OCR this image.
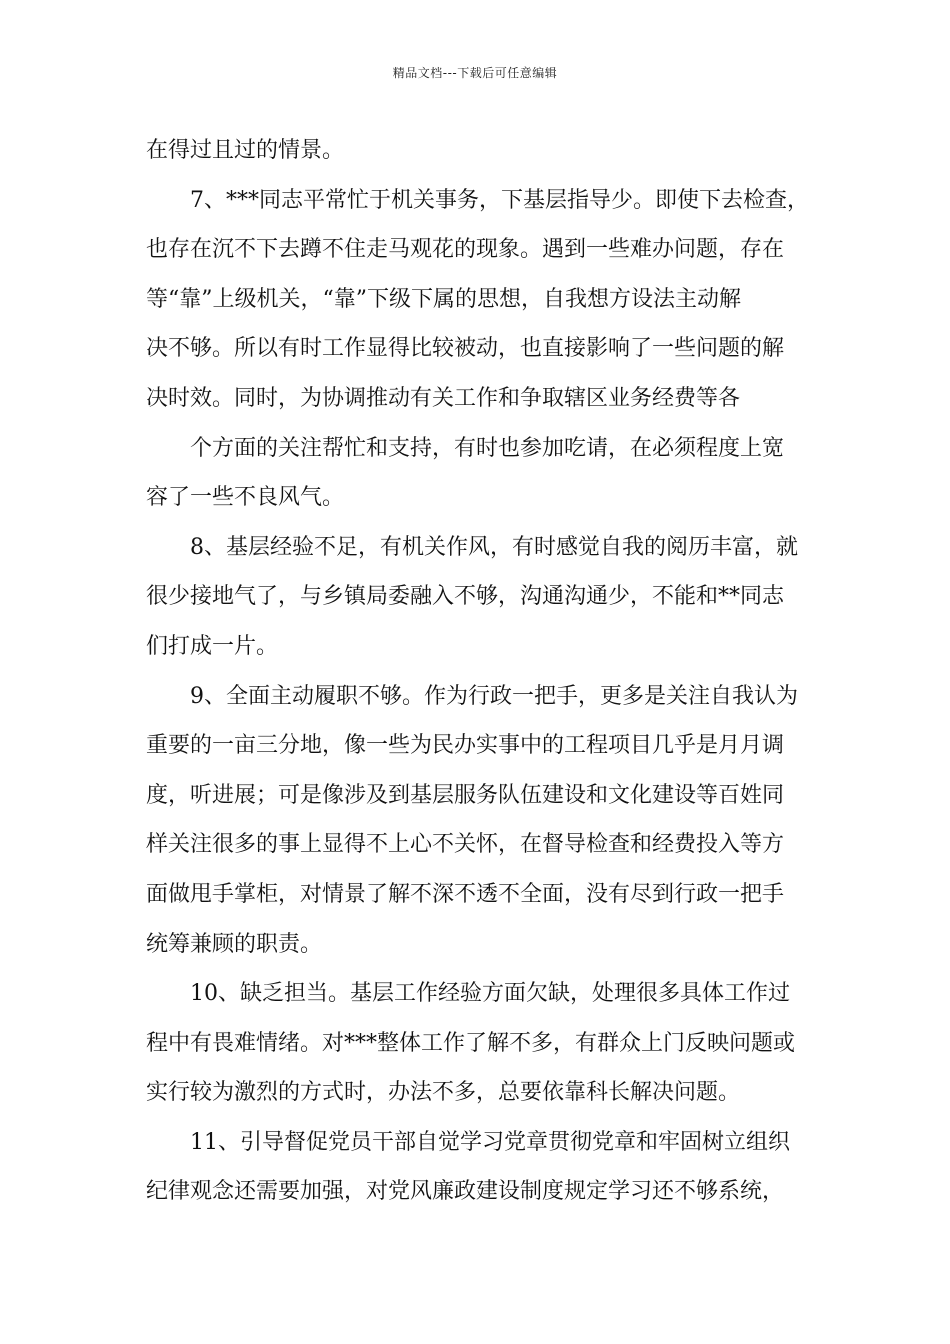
精品文档---下载后可任意编辑
在得过且过的情景。
7、***同志平常忙于机关事务，下基层指导少。即使下去检查，
也存在沉不下去蹲不住走马观花的现象。遇到一些难办问题，存在
等“靠”上级机关，“靠”下级下属的思想，自我想方设法主动解
决不够。所以有时工作显得比较被动，也直接影响了一些问题的解
决时效。同时，为协调推动有关工作和争取辖区业务经费等各
个方面的关注帮忙和支持，有时也参加吃请，在必须程度上宽
容了一些不良风气。
8、基层经验不足，有机关作风，有时感觉自我的阅历丰富，就
很少接地气了，与乡镇局委融入不够，沟通沟通少，不能和**同志
们打成一片。
9、全面主动履职不够。作为行政一把手，更多是关注自我认为
重要的一亩三分地，像一些为民办实事中的工程项目几乎是月月调
度，听进展；可是像涉及到基层服务队伍建设和文化建设等百姓同
样关注很多的事上显得不上心不关怀，在督导检查和经费投入等方
面做甩手掌柜，对情景了解不深不透不全面，没有尽到行政一把手
统筹兼顾的职责。
10、缺乏担当。基层工作经验方面欠缺，处理很多具体工作过
程中有畏难情绪。对***整体工作了解不多，有群众上门反映问题或
实行较为激烈的方式时，办法不多，总要依靠科长解决问题。
11、引导督促党员干部自觉学习党章贯彻党章和牢固树立组织
纪律观念还需要加强，对党风廉政建设制度规定学习还不够系统，
